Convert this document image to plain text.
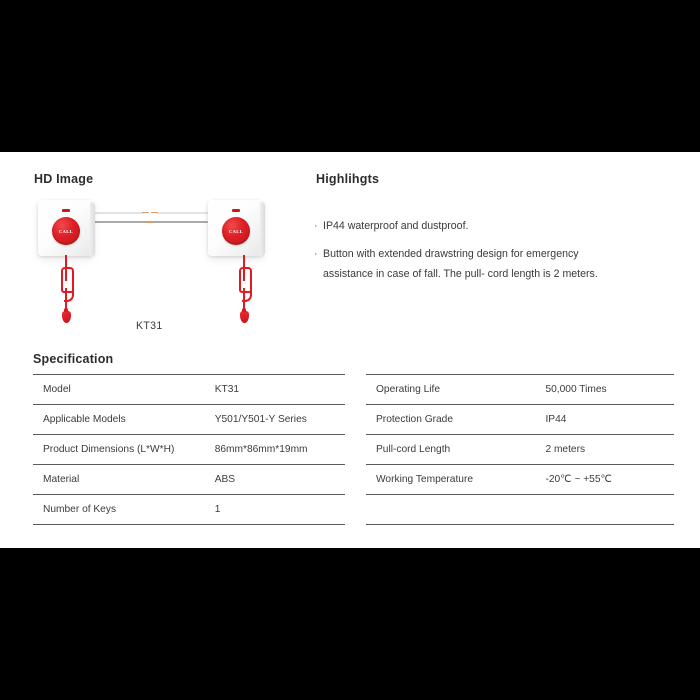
HD Image
CALL	CALL
KT31
Highlihgts
· IP44 waterproof and dustproof.
· Button with extended drawstring design for emergency
assistance in case of fall. The pull- cord length is 2 meters.
Specification
Model	KT31
Applicable Models	Y501/Y501-Y Series
Product Dimensions (L*W*H)	86mm*86mm*19mm
Material	ABS
Number of Keys	1
Operating Life	50,000 Times
Protection Grade	IP44
Pull-cord Length	2 meters
Working Temperature	-20℃ ~ +55℃
